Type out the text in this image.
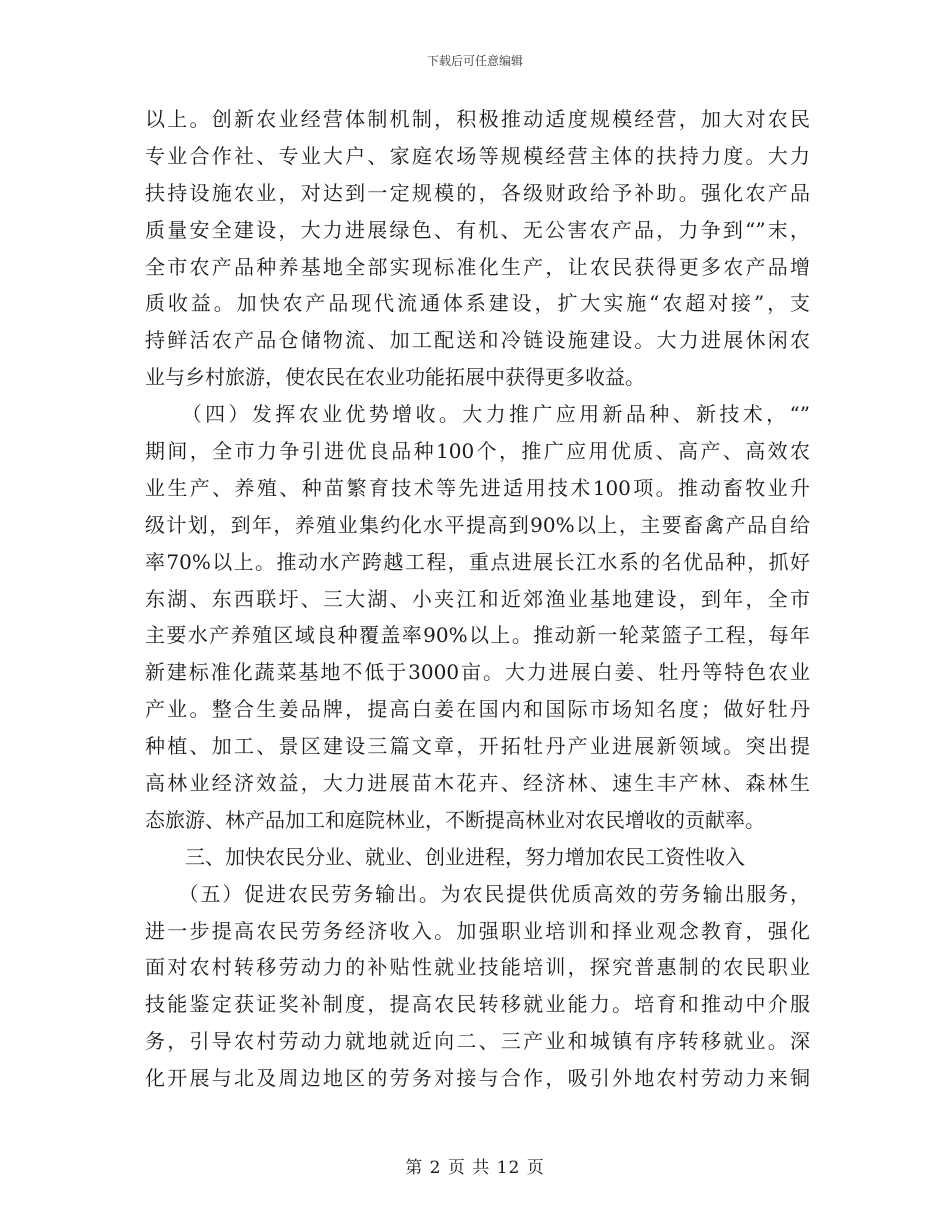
下载后可任意编辑
以上。创新农业经营体制机制，积极推动适度规模经营，加大对农民
专业合作社、专业大户、家庭农场等规模经营主体的扶持力度。大力
扶持设施农业，对达到一定规模的，各级财政给予补助。强化农产品
质量安全建设，大力进展绿色、有机、无公害农产品，力争到“”末，
全市农产品种养基地全部实现标准化生产，让农民获得更多农产品增
质收益。加快农产品现代流通体系建设，扩大实施“农超对接”，支
持鲜活农产品仓储物流、加工配送和冷链设施建设。大力进展休闲农
业与乡村旅游，使农民在农业功能拓展中获得更多收益。
　　（四）发挥农业优势增收。大力推广应用新品种、新技术，“”
期间，全市力争引进优良品种100个，推广应用优质、高产、高效农
业生产、养殖、种苗繁育技术等先进适用技术100项。推动畜牧业升
级计划，到年，养殖业集约化水平提高到90%以上，主要畜禽产品自给
率70%以上。推动水产跨越工程，重点进展长江水系的名优品种，抓好
东湖、东西联圩、三大湖、小夹江和近郊渔业基地建设，到年，全市
主要水产养殖区域良种覆盖率90%以上。推动新一轮菜篮子工程，每年
新建标准化蔬菜基地不低于3000亩。大力进展白姜、牡丹等特色农业
产业。整合生姜品牌，提高白姜在国内和国际市场知名度；做好牡丹
种植、加工、景区建设三篇文章，开拓牡丹产业进展新领域。突出提
高林业经济效益，大力进展苗木花卉、经济林、速生丰产林、森林生
态旅游、林产品加工和庭院林业，不断提高林业对农民增收的贡献率。
　　三、加快农民分业、就业、创业进程，努力增加农民工资性收入
　　（五）促进农民劳务输出。为农民提供优质高效的劳务输出服务，
进一步提高农民劳务经济收入。加强职业培训和择业观念教育，强化
面对农村转移劳动力的补贴性就业技能培训，探究普惠制的农民职业
技能鉴定获证奖补制度，提高农民转移就业能力。培育和推动中介服
务，引导农村劳动力就地就近向二、三产业和城镇有序转移就业。深
化开展与北及周边地区的劳务对接与合作，吸引外地农村劳动力来铜
第 2 页 共 12 页
